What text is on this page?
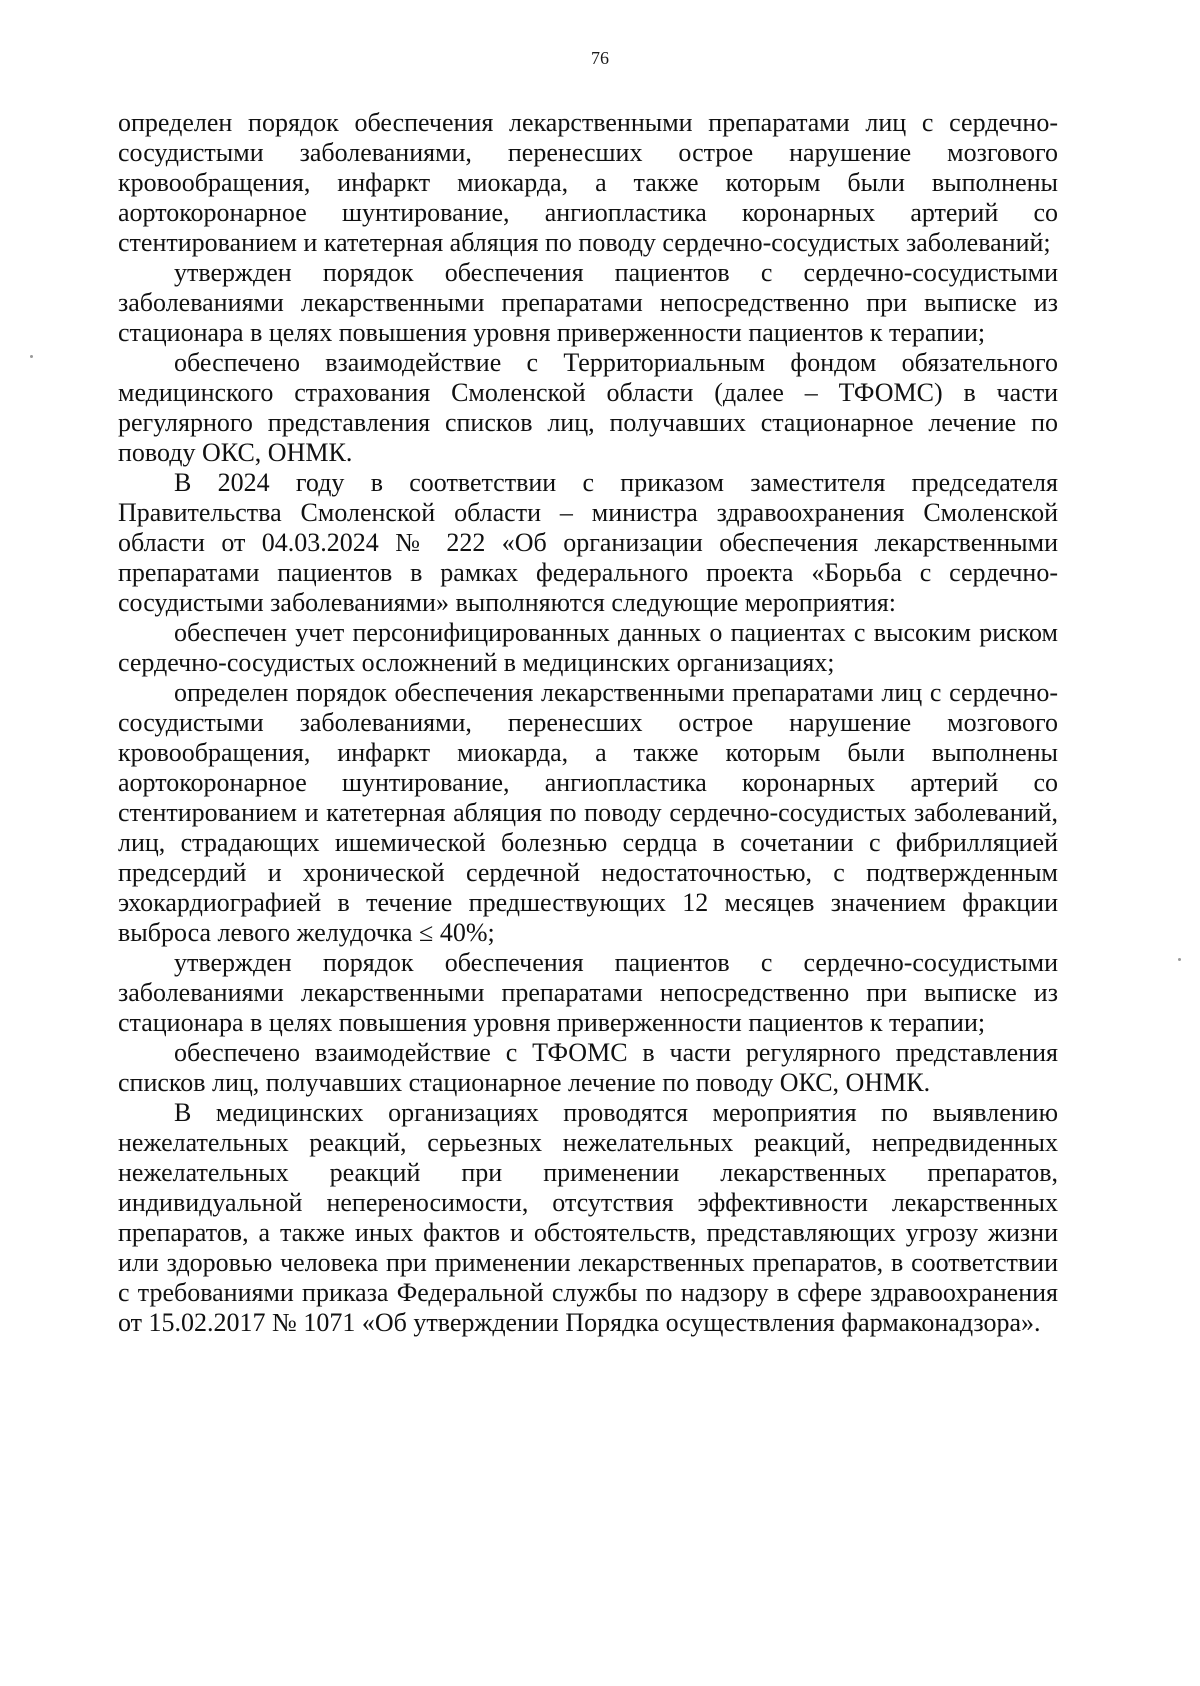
76

определен порядок обеспечения лекарственными препаратами лиц с сердечно-сосудистыми заболеваниями, перенесших острое нарушение мозгового кровообращения, инфаркт миокарда, а также которым были выполнены аортокоронарное шунтирование, ангиопластика коронарных артерий со стентированием и катетерная абляция по поводу сердечно-сосудистых заболеваний;

утвержден порядок обеспечения пациентов с сердечно-сосудистыми заболеваниями лекарственными препаратами непосредственно при выписке из стационара в целях повышения уровня приверженности пациентов к терапии;

обеспечено взаимодействие с Территориальным фондом обязательного медицинского страхования Смоленской области (далее – ТФОМС) в части регулярного представления списков лиц, получавших стационарное лечение по поводу ОКС, ОНМК.

В 2024 году в соответствии с приказом заместителя председателя Правительства Смоленской области – министра здравоохранения Смоленской области от 04.03.2024 № 222 «Об организации обеспечения лекарственными препаратами пациентов в рамках федерального проекта «Борьба с сердечно-сосудистыми заболеваниями» выполняются следующие мероприятия:

обеспечен учет персонифицированных данных о пациентах с высоким риском сердечно-сосудистых осложнений в медицинских организациях;

определен порядок обеспечения лекарственными препаратами лиц с сердечно-сосудистыми заболеваниями, перенесших острое нарушение мозгового кровообращения, инфаркт миокарда, а также которым были выполнены аортокоронарное шунтирование, ангиопластика коронарных артерий со стентированием и катетерная абляция по поводу сердечно-сосудистых заболеваний, лиц, страдающих ишемической болезнью сердца в сочетании с фибрилляцией предсердий и хронической сердечной недостаточностью, с подтвержденным эхокардиографией в течение предшествующих 12 месяцев значением фракции выброса левого желудочка ≤ 40%;

утвержден порядок обеспечения пациентов с сердечно-сосудистыми заболеваниями лекарственными препаратами непосредственно при выписке из стационара в целях повышения уровня приверженности пациентов к терапии;

обеспечено взаимодействие с ТФОМС в части регулярного представления списков лиц, получавших стационарное лечение по поводу ОКС, ОНМК.

В медицинских организациях проводятся мероприятия по выявлению нежелательных реакций, серьезных нежелательных реакций, непредвиденных нежелательных реакций при применении лекарственных препаратов, индивидуальной непереносимости, отсутствия эффективности лекарственных препаратов, а также иных фактов и обстоятельств, представляющих угрозу жизни или здоровью человека при применении лекарственных препаратов, в соответствии с требованиями приказа Федеральной службы по надзору в сфере здравоохранения от 15.02.2017 № 1071 «Об утверждении Порядка осуществления фармаконадзора».
